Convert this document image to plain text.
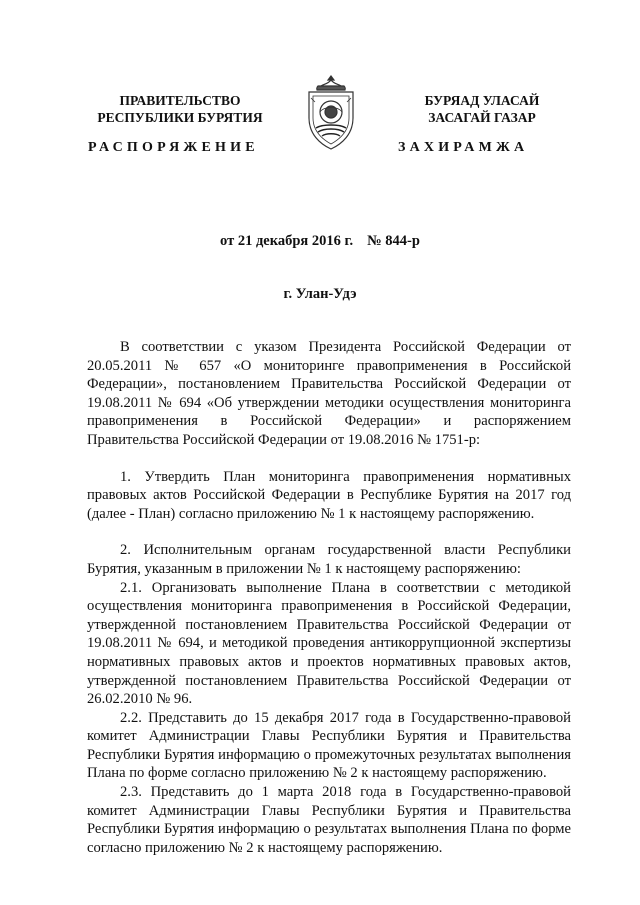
ПРАВИТЕЛЬСТВО
РЕСПУБЛИКИ БУРЯТИЯ
БУРЯАД УЛАСАЙ
ЗАСАГАЙ ГАЗАР
РАСПОРЯЖЕНИЕ	ЗАХИРАМЖА
от 21 декабря 2016 г. № 844-р
г. Улан-Удэ

В соответствии с указом Президента Российской Федерации от 20.05.2011 № 657 «О мониторинге правоприменения в Российской Федерации», постановлением Правительства Российской Федерации от 19.08.2011 № 694 «Об утверждении методики осуществления мониторинга правоприменения в Российской Федерации» и распоряжением Правительства Российской Федерации от 19.08.2016 № 1751-р:

1. Утвердить План мониторинга правоприменения нормативных правовых актов Российской Федерации в Республике Бурятия на 2017 год (далее - План) согласно приложению № 1 к настоящему распоряжению.

2. Исполнительным органам государственной власти Республики Бурятия, указанным в приложении № 1 к настоящему распоряжению:

2.1. Организовать выполнение Плана в соответствии с методикой осуществления мониторинга правоприменения в Российской Федерации, утвержденной постановлением Правительства Российской Федерации от 19.08.2011 № 694, и методикой проведения антикоррупционной экспертизы нормативных правовых актов и проектов нормативных правовых актов, утвержденной постановлением Правительства Российской Федерации от 26.02.2010 № 96.

2.2. Представить до 15 декабря 2017 года в Государственно-правовой комитет Администрации Главы Республики Бурятия и Правительства Республики Бурятия информацию о промежуточных результатах выполнения Плана по форме согласно приложению № 2 к настоящему распоряжению.

2.3. Представить до 1 марта 2018 года в Государственно-правовой комитет Администрации Главы Республики Бурятия и Правительства Республики Бурятия информацию о результатах выполнения Плана по форме согласно приложению № 2 к настоящему распоряжению.
